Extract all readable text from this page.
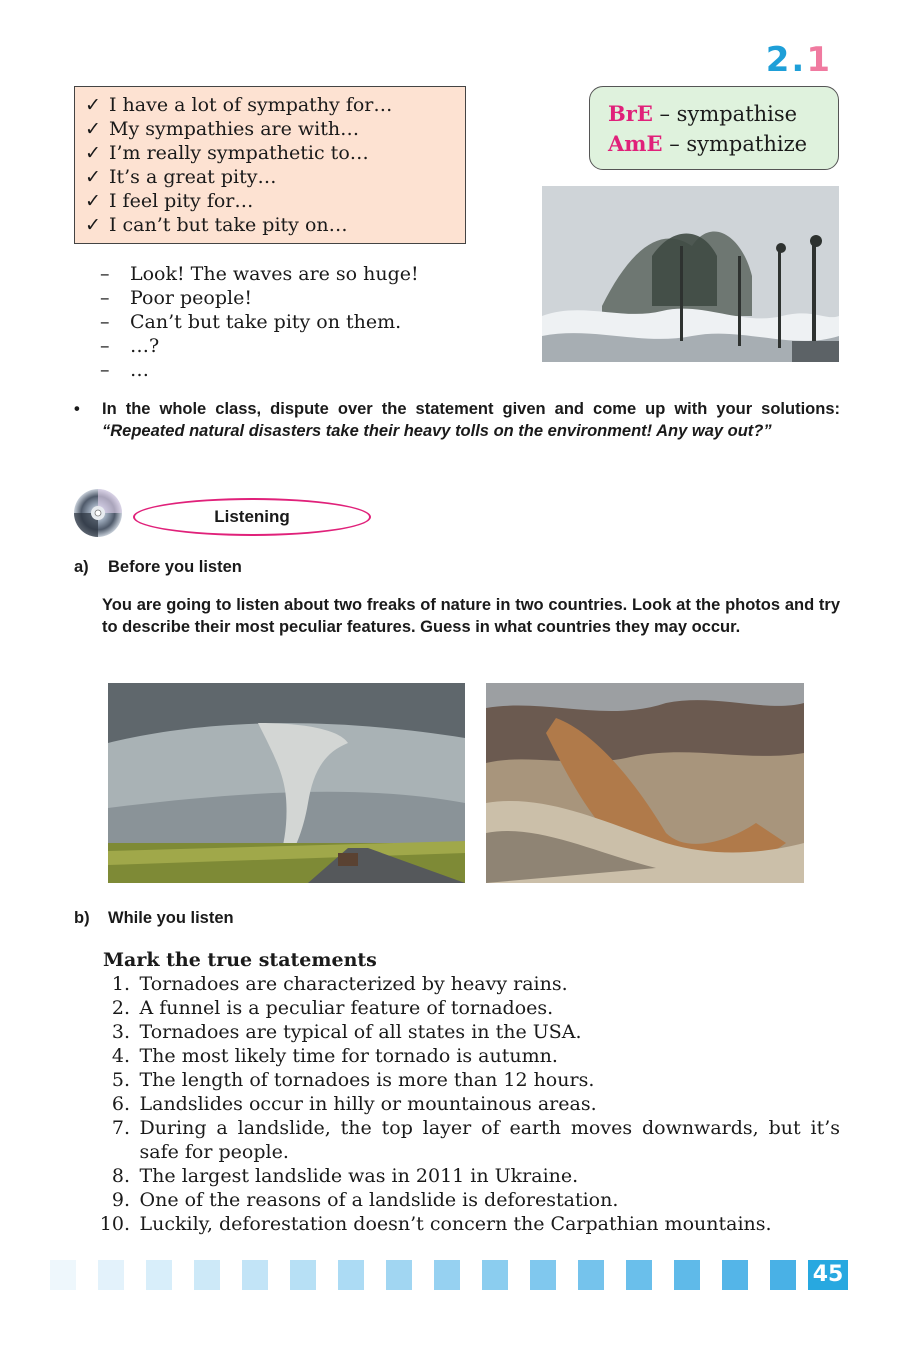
2.1
✓ I have a lot of sympathy for…
✓ My sympathies are with…
✓ I’m really sympathetic to…
✓ It’s a great pity…
✓ I feel pity for…
✓ I can’t but take pity on…
BrE – sympathise
AmE – sympathize
– Look! The waves are so huge!
– Poor people!
– Can’t but take pity on them.
– …?
– …
• In the whole class, dispute over the statement given and come up with your solutions: “Repeated natural disasters take their heavy tolls on the environment! Any way out?”
Listening
a) Before you listen
You are going to listen about two freaks of nature in two countries. Look at the photos and try to describe their most peculiar features. Guess in what countries they may occur.
b) While you listen
Mark the true statements
1. Tornadoes are characterized by heavy rains.
2. A funnel is a peculiar feature of tornadoes.
3. Tornadoes are typical of all states in the USA.
4. The most likely time for tornado is autumn.
5. The length of tornadoes is more than 12 hours.
6. Landslides occur in hilly or mountainous areas.
7. During a landslide, the top layer of earth moves downwards, but it’s safe for people.
8. The largest landslide was in 2011 in Ukraine.
9. One of the reasons of a landslide is deforestation.
10. Luckily, deforestation doesn’t concern the Carpathian mountains.
45
